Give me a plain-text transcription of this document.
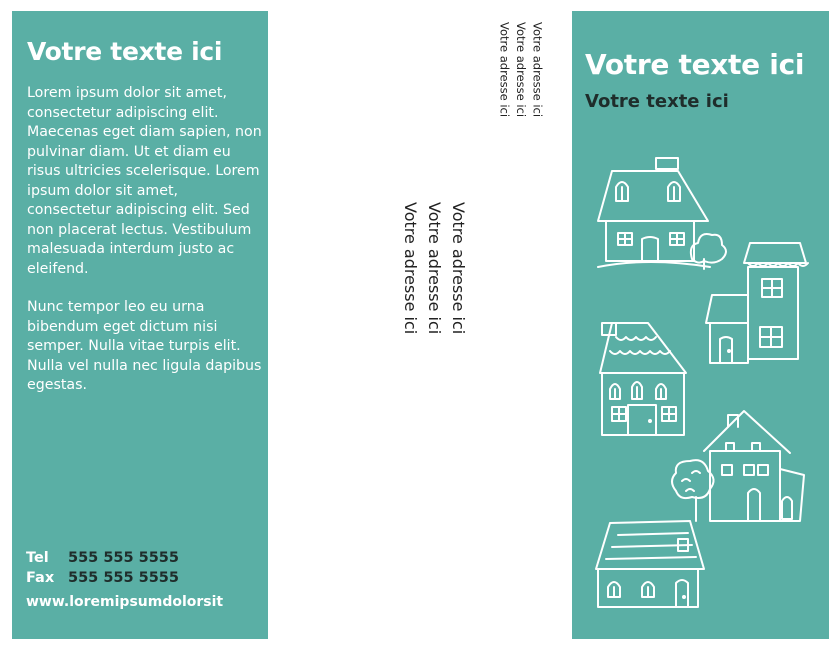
Votre texte ici

Lorem ipsum dolor sit amet, consectetur adipiscing elit. Maecenas eget diam sapien, non pulvinar diam. Ut et diam eu risus ultricies scelerisque. Lorem ipsum dolor sit amet, consectetur adipiscing elit. Sed non placerat lectus. Vestibulum malesuada interdum justo ac eleifend.

Nunc tempor leo eu urna bibendum eget dictum nisi semper. Nulla vitae turpis elit. Nulla vel nulla nec ligula dapibus egestas.

Tel 555 555 5555
Fax 555 555 5555
www.loremipsumdolorsit
Votre adresse ici
Votre adresse ici
Votre adresse ici
Votre adresse ici
Votre adresse ici
Votre adresse ici	Votre texte ici
Votre texte ici
